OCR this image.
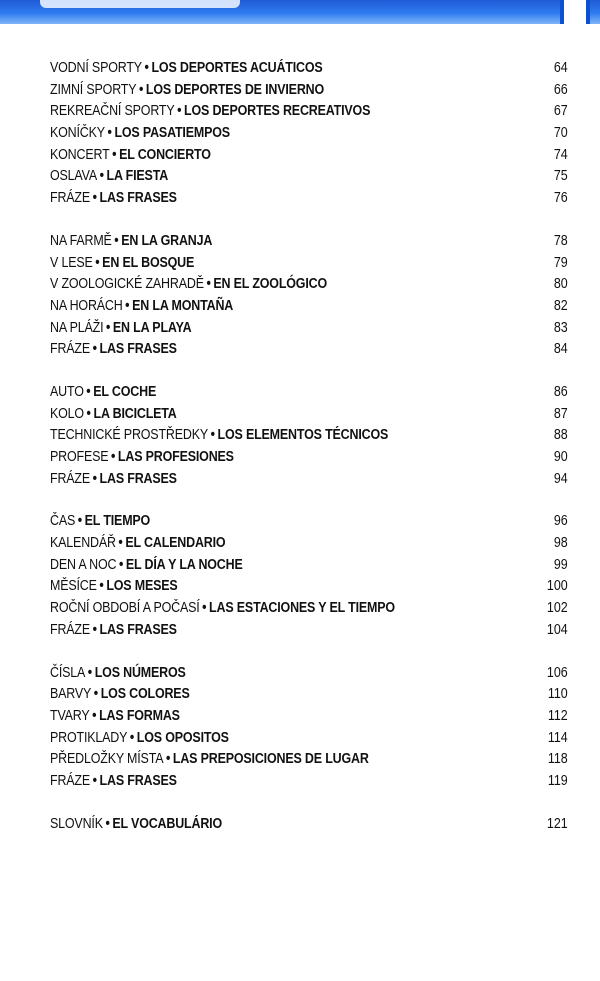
VODNÍ SPORTY • LOS DEPORTES ACUÁTICOS	64
ZIMNÍ SPORTY • LOS DEPORTES DE INVIERNO	66
REKREAČNÍ SPORTY • LOS DEPORTES RECREATIVOS	67
KONÍČKY • LOS PASATIEMPOS	70
KONCERT • EL CONCIERTO	74
OSLAVA • LA FIESTA	75
FRÁZE • LAS FRASES	76
NA FARMĚ • EN LA GRANJA	78
V LESE • EN EL BOSQUE	79
V ZOOLOGICKÉ ZAHRADĚ • EN EL ZOOLÓGICO	80
NA HORÁCH • EN LA MONTAÑA	82
NA PLÁŽI • EN LA PLAYA	83
FRÁZE • LAS FRASES	84
AUTO • EL COCHE	86
KOLO • LA BICICLETA	87
TECHNICKÉ PROSTŘEDKY • LOS ELEMENTOS TÉCNICOS	88
PROFESE • LAS PROFESIONES	90
FRÁZE • LAS FRASES	94
ČAS • EL TIEMPO	96
KALENDÁŘ • EL CALENDARIO	98
DEN A NOC • EL DÍA Y LA NOCHE	99
MĚSÍCE • LOS MESES	100
ROČNÍ OBDOBÍ A POČASÍ • LAS ESTACIONES Y EL TIEMPO	102
FRÁZE • LAS FRASES	104
ČÍSLA • LOS NÚMEROS	106
BARVY • LOS COLORES	110
TVARY • LAS FORMAS	112
PROTIKLADY • LOS OPOSITOS	114
PŘEDLOŽKY MÍSTA • LAS PREPOSICIONES DE LUGAR	118
FRÁZE • LAS FRASES	119
SLOVNÍK • EL VOCABULÁRIO	121
